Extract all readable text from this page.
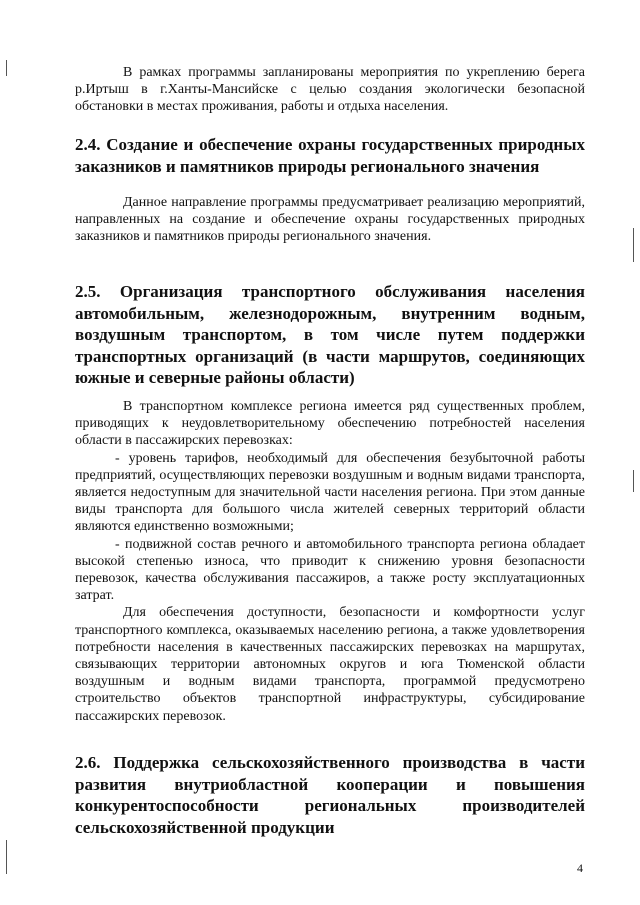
В рамках программы запланированы мероприятия по укреплению берега р.Иртыш в г.Ханты-Мансийске с целью создания экологически безопасной обстановки в местах проживания, работы и отдыха населения.

2.4. Создание и обеспечение охраны государственных природных заказников и памятников природы регионального значения

Данное направление программы предусматривает реализацию мероприятий, направленных на создание и обеспечение охраны государственных природных заказников и памятников природы регионального значения.

2.5. Организация транспортного обслуживания населения автомобильным, железнодорожным, внутренним водным, воздушным транспортом, в том числе путем поддержки транспортных организаций (в части маршрутов, соединяющих южные и северные районы области)

В транспортном комплексе региона имеется ряд существенных проблем, приводящих к неудовлетворительному обеспечению потребностей населения области в пассажирских перевозках:

- уровень тарифов, необходимый для обеспечения безубыточной работы предприятий, осуществляющих перевозки воздушным и водным видами транспорта, является недоступным для значительной части населения региона. При этом данные виды транспорта для большого числа жителей северных территорий области являются единственно возможными;

- подвижной состав речного и автомобильного транспорта региона обладает высокой степенью износа, что приводит к снижению уровня безопасности перевозок, качества обслуживания пассажиров, а также росту эксплуатационных затрат.

Для обеспечения доступности, безопасности и комфортности услуг транспортного комплекса, оказываемых населению региона, а также удовлетворения потребности населения в качественных пассажирских перевозках на маршрутах, связывающих территории автономных округов и юга Тюменской области воздушным и водным видами транспорта, программой предусмотрено строительство объектов транспортной инфраструктуры, субсидирование пассажирских перевозок.

2.6. Поддержка сельскохозяйственного производства в части развития внутриобластной кооперации и повышения конкурентоспособности региональных производителей сельскохозяйственной продукции
4
